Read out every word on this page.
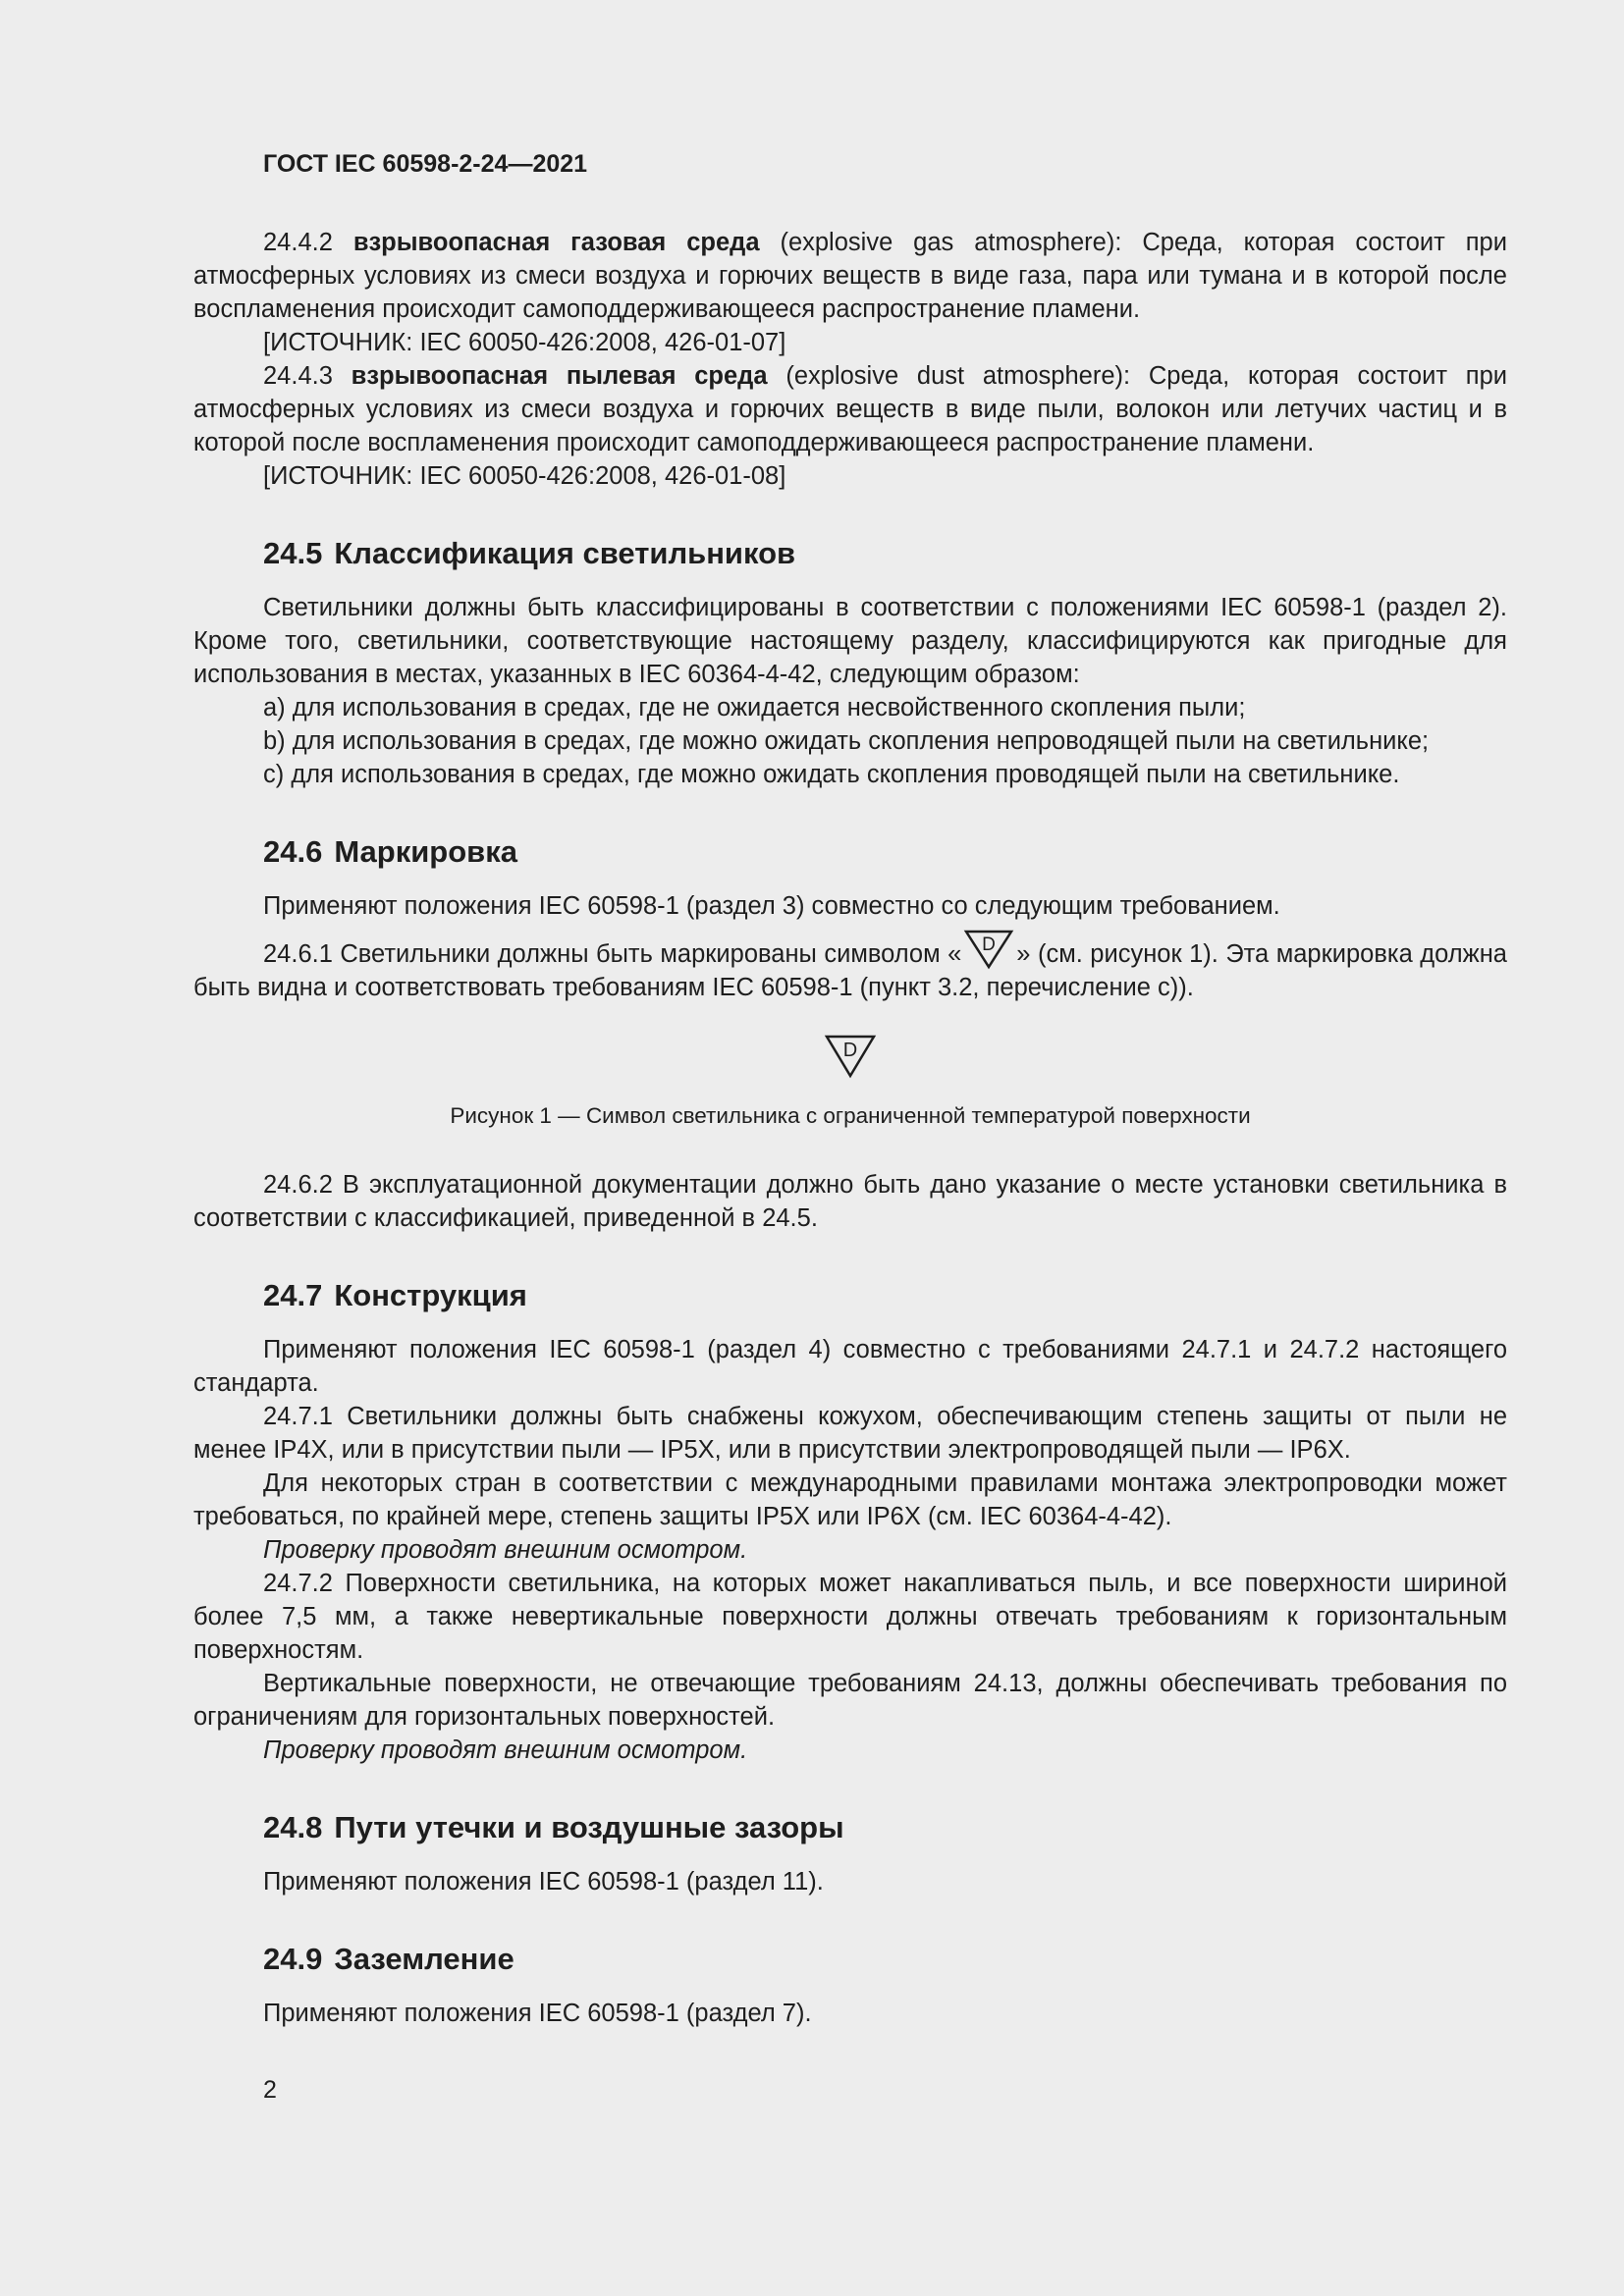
ГОСТ IEC 60598-2-24—2021

24.4.2 взрывоопасная газовая среда (explosive gas atmosphere): Среда, которая состоит при атмосферных условиях из смеси воздуха и горючих веществ в виде газа, пара или тумана и в которой после воспламенения происходит самоподдерживающееся распространение пламени.

[ИСТОЧНИК: IEC 60050-426:2008, 426-01-07]

24.4.3 взрывоопасная пылевая среда (explosive dust atmosphere): Среда, которая состоит при атмосферных условиях из смеси воздуха и горючих веществ в виде пыли, волокон или летучих частиц и в которой после воспламенения происходит самоподдерживающееся распространение пламени.

[ИСТОЧНИК: IEC 60050-426:2008, 426-01-08]

24.5 Классификация светильников

Светильники должны быть классифицированы в соответствии с положениями IEC 60598-1 (раздел 2). Кроме того, светильники, соответствующие настоящему разделу, классифицируются как пригодные для использования в местах, указанных в IEC 60364-4-42, следующим образом:

a) для использования в средах, где не ожидается несвойственного скопления пыли;

b) для использования в средах, где можно ожидать скопления непроводящей пыли на светильнике;

c) для использования в средах, где можно ожидать скопления проводящей пыли на светильнике.

24.6 Маркировка

Применяют положения IEC 60598-1 (раздел 3) совместно со следующим требованием.

24.6.1 Светильники должны быть маркированы символом « D » (см. рисунок 1). Эта маркировка должна быть видна и соответствовать требованиям IEC 60598-1 (пункт 3.2, перечисление с)).

D
Рисунок 1 — Символ светильника с ограниченной температурой поверхности

24.6.2 В эксплуатационной документации должно быть дано указание о месте установки светильника в соответствии с классификацией, приведенной в 24.5.

24.7 Конструкция

Применяют положения IEC 60598-1 (раздел 4) совместно с требованиями 24.7.1 и 24.7.2 настоящего стандарта.

24.7.1 Светильники должны быть снабжены кожухом, обеспечивающим степень защиты от пыли не менее IP4X, или в присутствии пыли — IP5X, или в присутствии электропроводящей пыли — IP6X.

Для некоторых стран в соответствии с международными правилами монтажа электропроводки может требоваться, по крайней мере, степень защиты IP5X или IP6X (см. IEC 60364-4-42).

Проверку проводят внешним осмотром.

24.7.2 Поверхности светильника, на которых может накапливаться пыль, и все поверхности шириной более 7,5 мм, а также невертикальные поверхности должны отвечать требованиям к горизонтальным поверхностям.

Вертикальные поверхности, не отвечающие требованиям 24.13, должны обеспечивать требования по ограничениям для горизонтальных поверхностей.

Проверку проводят внешним осмотром.

24.8 Пути утечки и воздушные зазоры

Применяют положения IEC 60598-1 (раздел 11).

24.9 Заземление

Применяют положения IEC 60598-1 (раздел 7).

2
